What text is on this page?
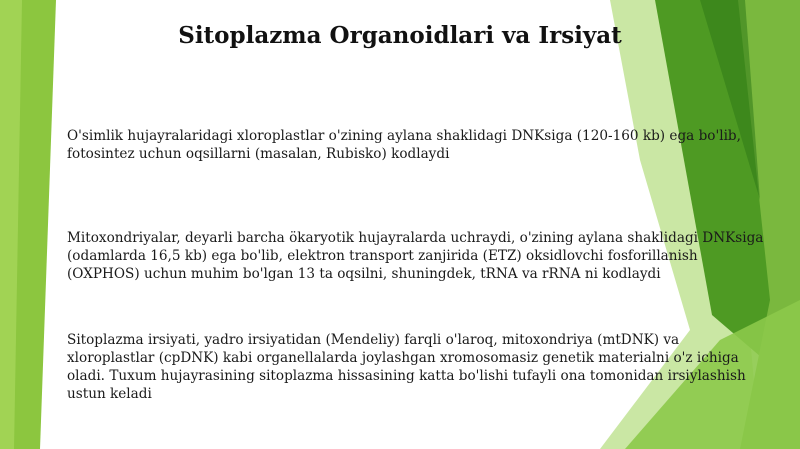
Sitoplazma Organoidlari va Irsiyat

O'simlik hujayralaridagi xloroplastlar o'zining aylana shaklidagi DNKsiga (120-160 kb) ega bo'lib, fotosintez uchun oqsillarni (masalan, Rubisko) kodlaydi

Mitoxondriyalar, deyarli barcha ökaryotik hujayralarda uchraydi, o'zining aylana shaklidagi DNKsiga (odamlarda 16,5 kb) ega bo'lib, elektron transport zanjirida (ETZ) oksidlovchi fosforillanish (OXPHOS) uchun muhim bo'lgan 13 ta oqsilni, shuningdek, tRNA va rRNA ni kodlaydi

Sitoplazma irsiyati, yadro irsiyatidan (Mendeliy) farqli o'laroq, mitoxondriya (mtDNK) va xloroplastlar (cpDNK) kabi organellalarda joylashgan xromosomasiz genetik materialni o'z ichiga oladi. Tuxum hujayrasining sitoplazma hissasining katta bo'lishi tufayli ona tomonidan irsiylashish ustun keladi
